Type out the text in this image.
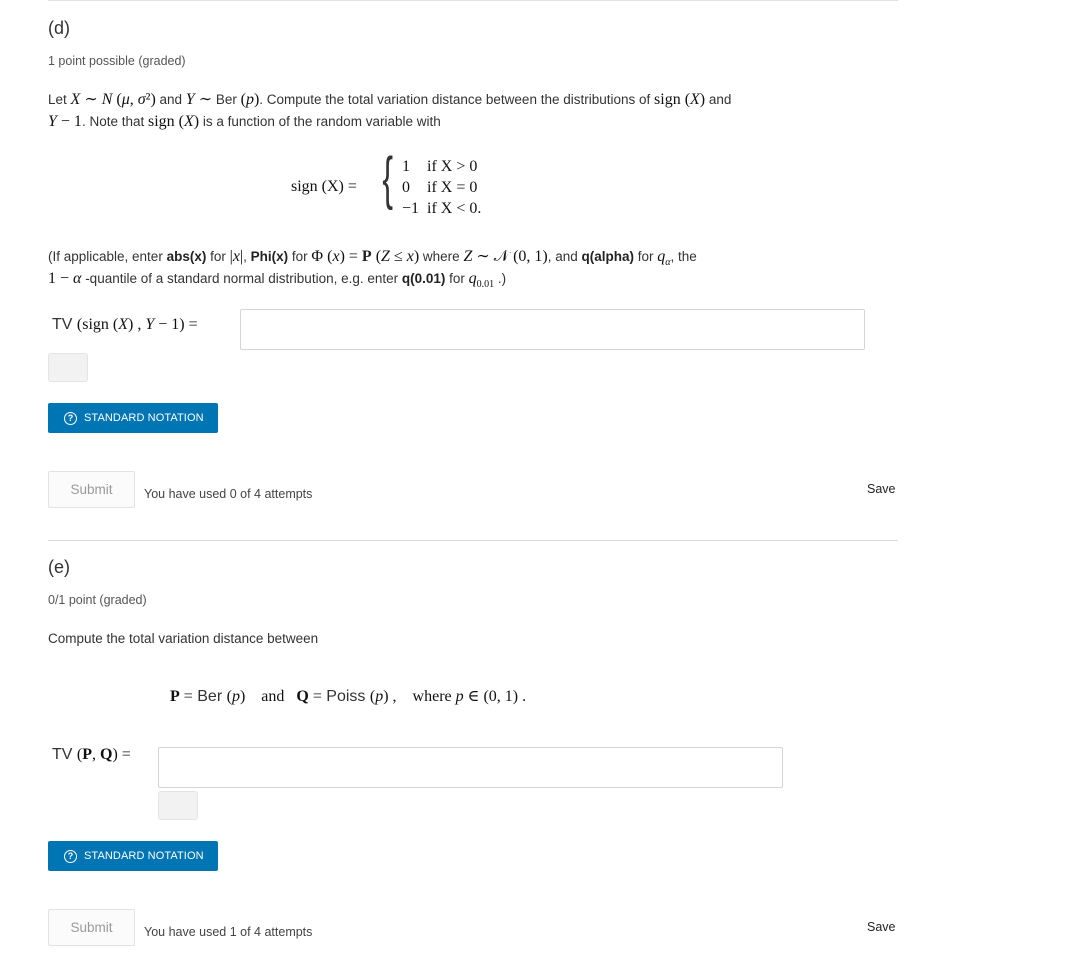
(d)
1 point possible (graded)
Let X ∼ N (μ, σ²) and Y ∼ Ber (p). Compute the total variation distance between the distributions of sign (X) and
Y − 1. Note that sign (X) is a function of the random variable with
sign (X) = { 1	if X > 0
0	if X = 0
−1	if X < 0.
(If applicable, enter abs(x) for |x|, Phi(x) for Φ (x) = P (Z ≤ x) where Z ∼ 𝒩 (0, 1), and q(alpha) for $q_\alpha$, the
1 − α -quantile of a standard normal distribution, e.g. enter q(0.01) for $q_{0.01}$ .)
TV (sign (X) , Y − 1) =
? STANDARD NOTATION
Submit	You have used 0 of 4 attempts	Save
(e)
0/1 point (graded)
Compute the total variation distance between
P = Ber (p)    and   Q = Poiss (p) ,    where p ∈ (0, 1) .
TV (P, Q) =
? STANDARD NOTATION
Submit	You have used 1 of 4 attempts	Save
